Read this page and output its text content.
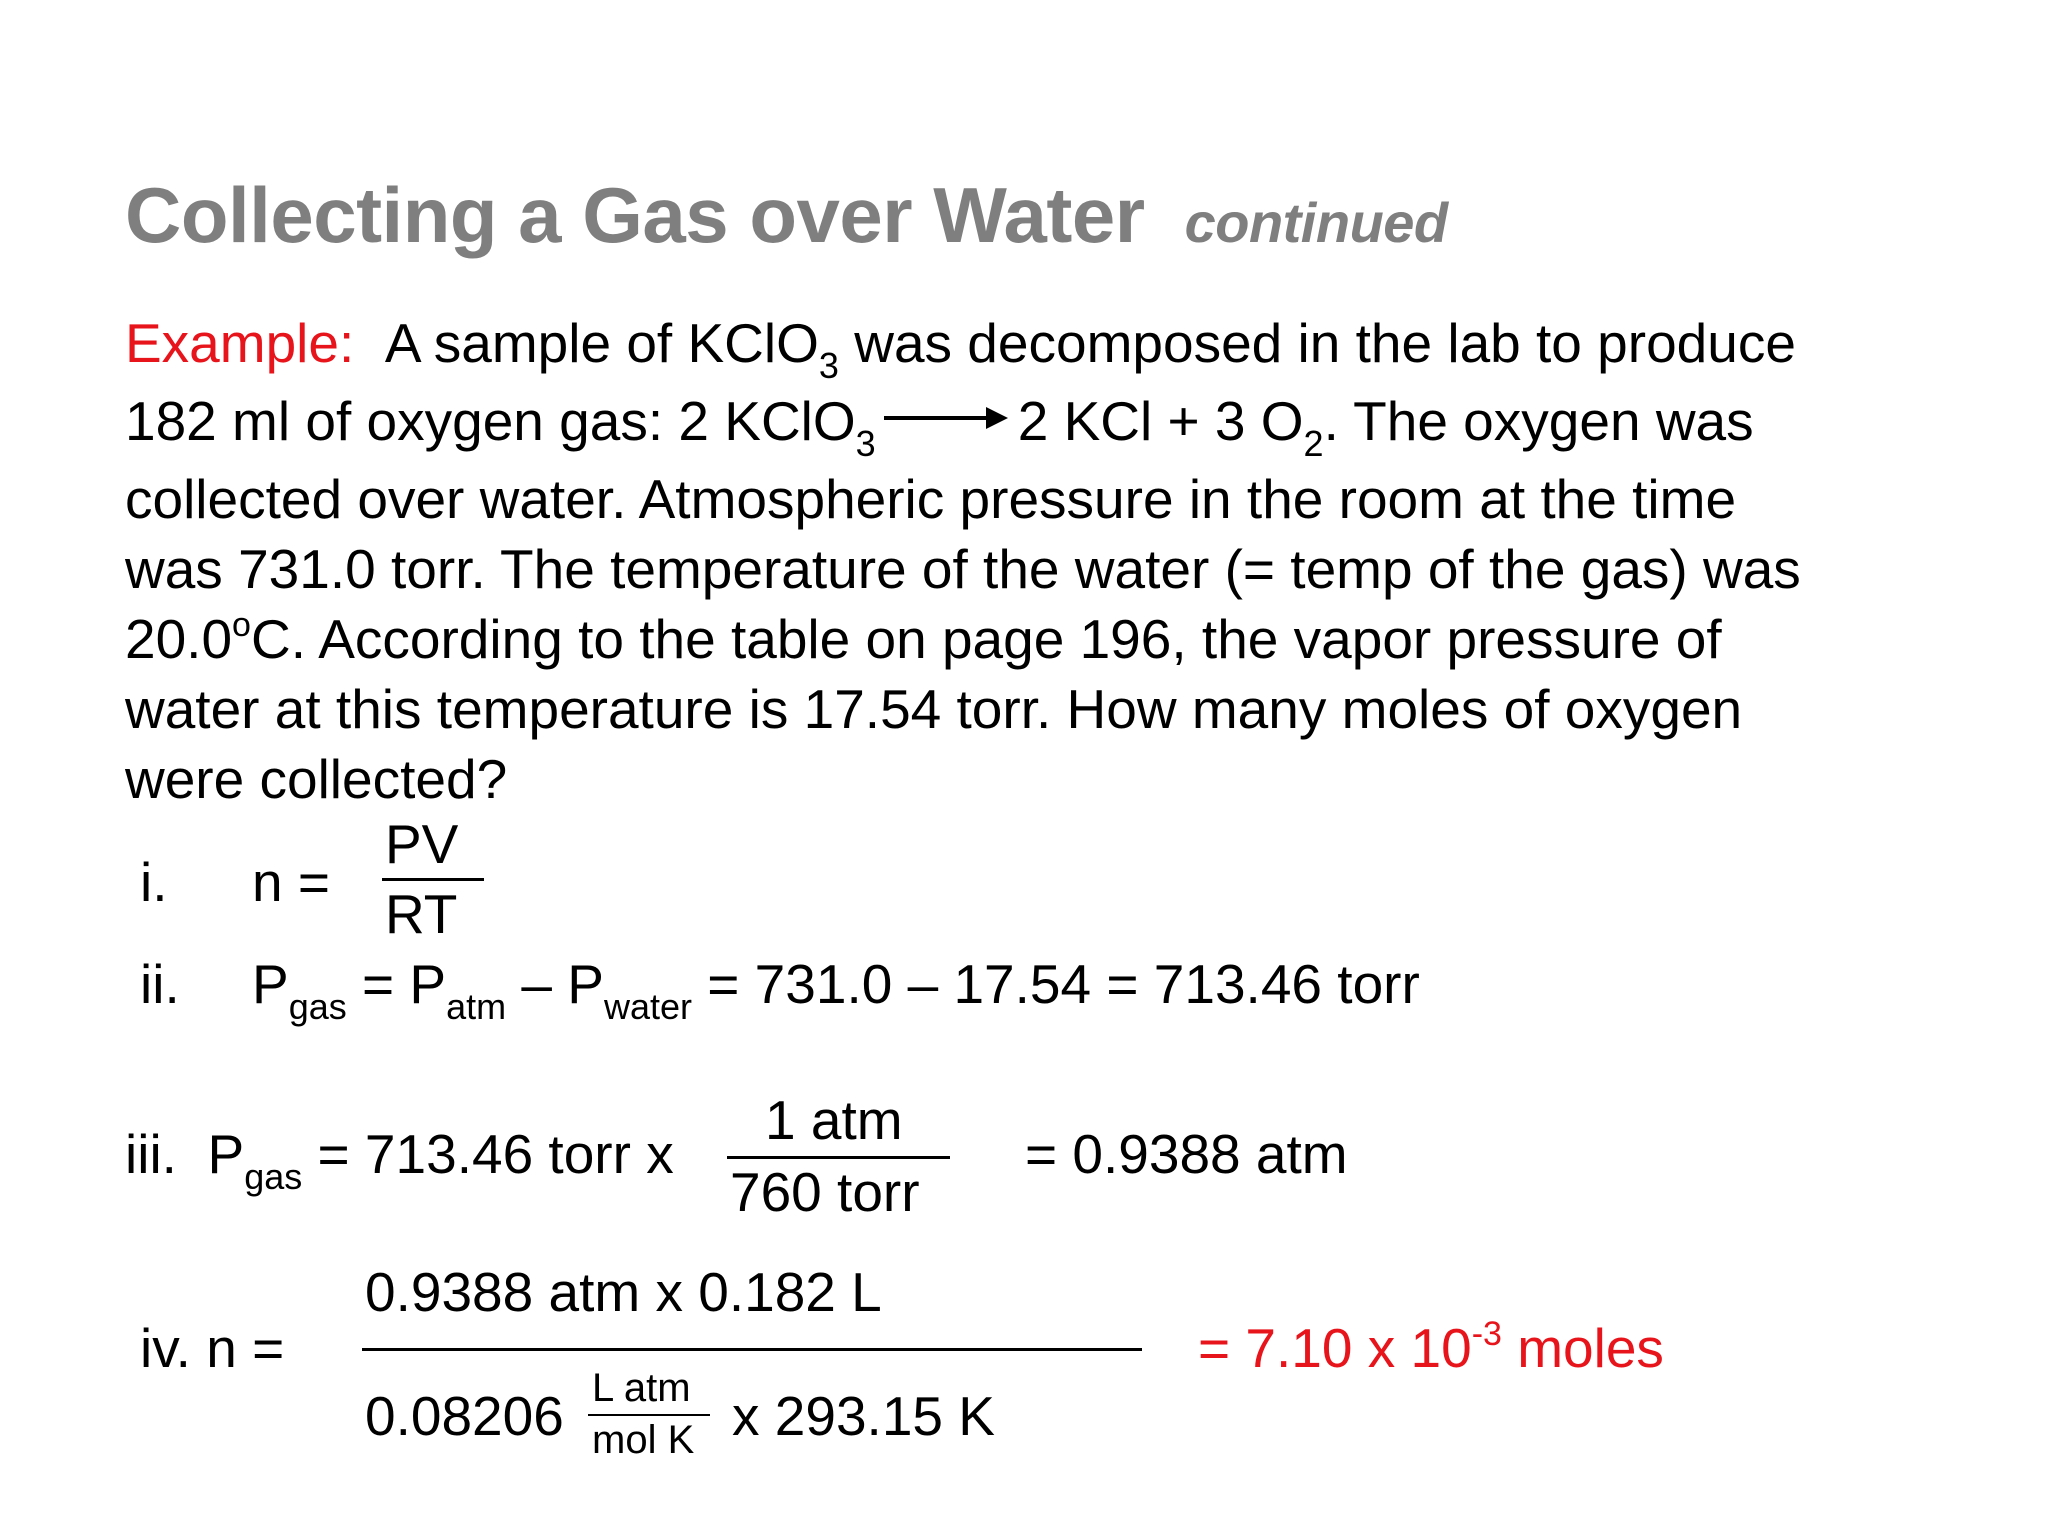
Collecting a Gas over Water continued
Example: A sample of KClO$_3$ was decomposed in the lab to produce
182 ml of oxygen gas: 2 KClO$_3$ → 2 KCl + 3 $O_2$. The oxygen was
collected over water. Atmospheric pressure in the room at the time
was 731.0 torr. The temperature of the water (= temp of the gas) was
20.0$^o$C. According to the table on page 196, the vapor pressure of
water at this temperature is 17.54 torr. How many moles of oxygen
were collected?
i. n =
PV
RT
ii. $P_{gas} = P_{atm} - P_{water} = 731.0 - 17.54 = 713.46$ torr
iii. $P_{gas} = 713.46$ torr x
1 atm
760 torr
= 0.9388 atm
iv. n =
0.9388 atm x 0.182 L
0.08206 L atm
mol K x 293.15 K
= 7.10 x $10^{-3}$ moles
